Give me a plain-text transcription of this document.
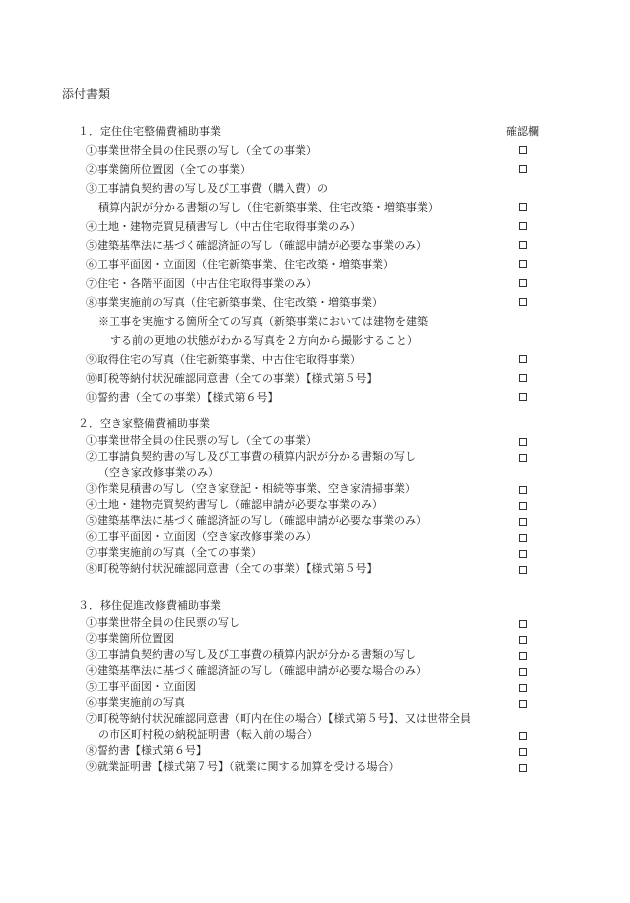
添付書類
１．定住住宅整備費補助事業	確認欄
①事業世帯全員の住民票の写し（全ての事業）
②事業箇所位置図（全ての事業）
③工事請負契約書の写し及び工事費（購入費）の
積算内訳が分かる書類の写し（住宅新築事業、住宅改築・増築事業）
④土地・建物売買見積書写し（中古住宅取得事業のみ）
⑤建築基準法に基づく確認済証の写し（確認申請が必要な事業のみ）
⑥工事平面図・立面図（住宅新築事業、住宅改築・増築事業）
⑦住宅・各階平面図（中古住宅取得事業のみ）
⑧事業実施前の写真（住宅新築事業、住宅改築・増築事業）
※工事を実施する箇所全ての写真（新築事業においては建物を建築
する前の更地の状態がわかる写真を２方向から撮影すること）
⑨取得住宅の写真（住宅新築事業、中古住宅取得事業）
⑩町税等納付状況確認同意書（全ての事業）【様式第５号】
⑪誓約書（全ての事業）【様式第６号】
２．空き家整備費補助事業
①事業世帯全員の住民票の写し（全ての事業）
②工事請負契約書の写し及び工事費の積算内訳が分かる書類の写し
（空き家改修事業のみ）
③作業見積書の写し（空き家登記・相続等事業、空き家清掃事業）
④土地・建物売買契約書写し（確認申請が必要な事業のみ）
⑤建築基準法に基づく確認済証の写し（確認申請が必要な事業のみ）
⑥工事平面図・立面図（空き家改修事業のみ）
⑦事業実施前の写真（全ての事業）
⑧町税等納付状況確認同意書（全ての事業）【様式第５号】
３．移住促進改修費補助事業
①事業世帯全員の住民票の写し
②事業箇所位置図
③工事請負契約書の写し及び工事費の積算内訳が分かる書類の写し
④建築基準法に基づく確認済証の写し（確認申請が必要な場合のみ）
⑤工事平面図・立面図
⑥事業実施前の写真
⑦町税等納付状況確認同意書（町内在住の場合）【様式第５号】、又は世帯全員
の市区町村税の納税証明書（転入前の場合）
⑧誓約書【様式第６号】
⑨就業証明書【様式第７号】（就業に関する加算を受ける場合）
